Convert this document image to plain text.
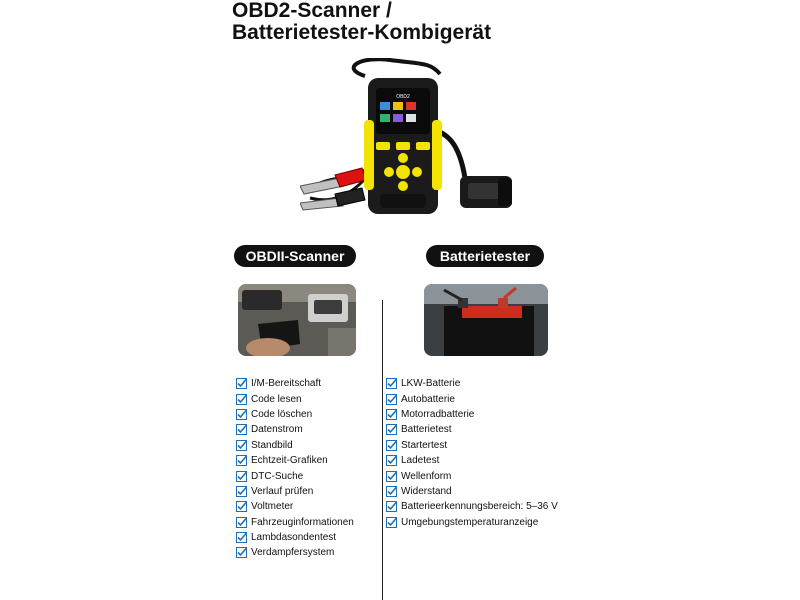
OBD2-Scanner /
Batterietester-Kombigerät
OBD2
OBDII-Scanner	Batterietester
I/M-Bereitschaft
Code lesen
Code löschen
Datenstrom
Standbild
Echtzeit-Grafiken
DTC-Suche
Verlauf prüfen
Voltmeter
Fahrzeuginformationen
Lambdasondentest
Verdampfersystem
LKW-Batterie
Autobatterie
Motorradbatterie
Batterietest
Startertest
Ladetest
Wellenform
Widerstand
Batterieerkennungsbereich: 5–36 V
Umgebungstemperaturanzeige
